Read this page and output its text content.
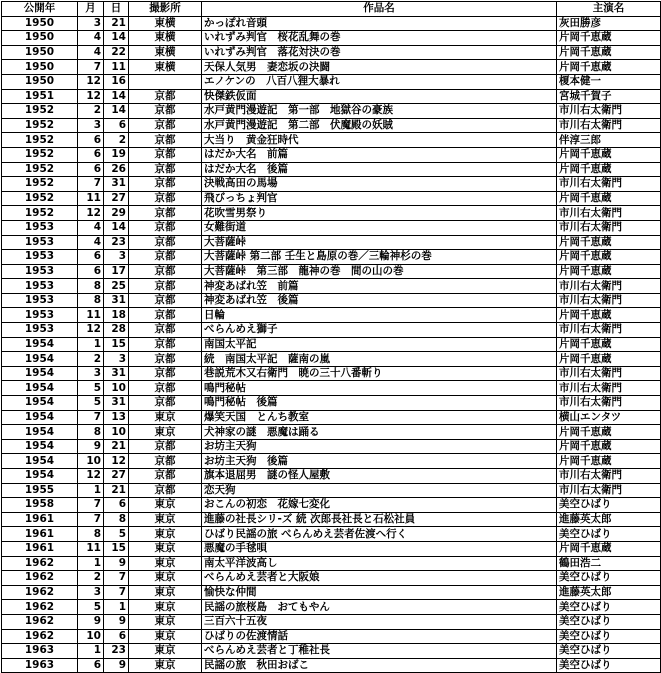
公開年	月	日	撮影所	作品名	主演名
1950	3	21	東横	かっぽれ音頭	灰田勝彦
1950	4	14	東横	いれずみ判官　桜花乱舞の巻	片岡千恵蔵
1950	4	22	東横	いれずみ判官　落花対決の巻	片岡千恵蔵
1950	7	11	東横	天保人気男　妻恋坂の決闘	片岡千恵蔵
1950	12	16		エノケンの　八百八狸大暴れ	榎本健一
1951	12	14	京都	快傑鉄仮面	宮城千賀子
1952	2	14	京都	水戸黄門漫遊記　第一部　地獄谷の豪族	市川右太衛門
1952	3	6	京都	水戸黄門漫遊記　第二部　伏魔殿の妖賊	市川右太衛門
1952	6	2	京都	大当り　黄金狂時代	伴淳三郎
1952	6	19	京都	はだか大名　前篇	片岡千恵蔵
1952	6	26	京都	はだか大名　後篇	片岡千恵蔵
1952	7	31	京都	決戦高田の馬場	市川右太衛門
1952	11	27	京都	飛びっちょ判官	片岡千恵蔵
1952	12	29	京都	花吹雪男祭り	市川右太衛門
1953	4	14	京都	女難街道	市川右太衛門
1953	4	23	京都	大菩薩峠	片岡千恵蔵
1953	6	3	京都	大菩薩峠 第二部 壬生と島原の巻／三輪神杉の巻	片岡千恵蔵
1953	6	17	京都	大菩薩峠　第三部　龍神の巻　間の山の巻	片岡千恵蔵
1953	8	25	京都	神変あばれ笠　前篇	市川右太衛門
1953	8	31	京都	神変あばれ笠　後篇	市川右太衛門
1953	11	18	京都	日輪	片岡千恵蔵
1953	12	28	京都	べらんめえ獅子	市川右太衛門
1954	1	15	京都	南国太平記	片岡千恵蔵
1954	2	3	京都	続　南国太平記　薩南の嵐	片岡千恵蔵
1954	3	31	京都	巷説荒木又右衛門　暁の三十八番斬り	市川右太衛門
1954	5	10	京都	鳴門秘帖	市川右太衛門
1954	5	31	京都	鳴門秘帖　後篇	市川右太衛門
1954	7	13	東京	爆笑天国　とんち教室	横山エンタツ
1954	8	10	東京	犬神家の謎　悪魔は踊る	片岡千恵蔵
1954	9	21	京都	お坊主天狗	片岡千恵蔵
1954	10	12	京都	お坊主天狗　後篇	片岡千恵蔵
1954	12	27	京都	旗本退屈男　謎の怪人屋敷	市川右太衛門
1955	1	21	京都	恋天狗	市川右太衛門
1958	7	6	東京	おこんの初恋　花嫁七変化	美空ひばり
1961	7	8	東京	進藤の社長シリ-ズ 続 次郎長社長と石松社員	進藤英太郎
1961	8	5	東京	ひばり民謡の旅 べらんめえ芸者佐渡へ行く	美空ひばり
1961	11	15	東京	悪魔の手毬唄	片岡千恵蔵
1962	1	9	東京	南太平洋波高し	鶴田浩二
1962	2	7	東京	べらんめえ芸者と大阪娘	美空ひばり
1962	3	7	東京	愉快な仲間	進藤英太郎
1962	5	1	東京	民謡の旅桜島　おてもやん	美空ひばり
1962	9	9	東京	三百六十五夜	美空ひばり
1962	10	6	東京	ひばりの佐渡情話	美空ひばり
1963	1	23	東京	べらんめえ芸者と丁稚社長	美空ひばり
1963	6	9	東京	民謡の旅　秋田おばこ	美空ひばり
